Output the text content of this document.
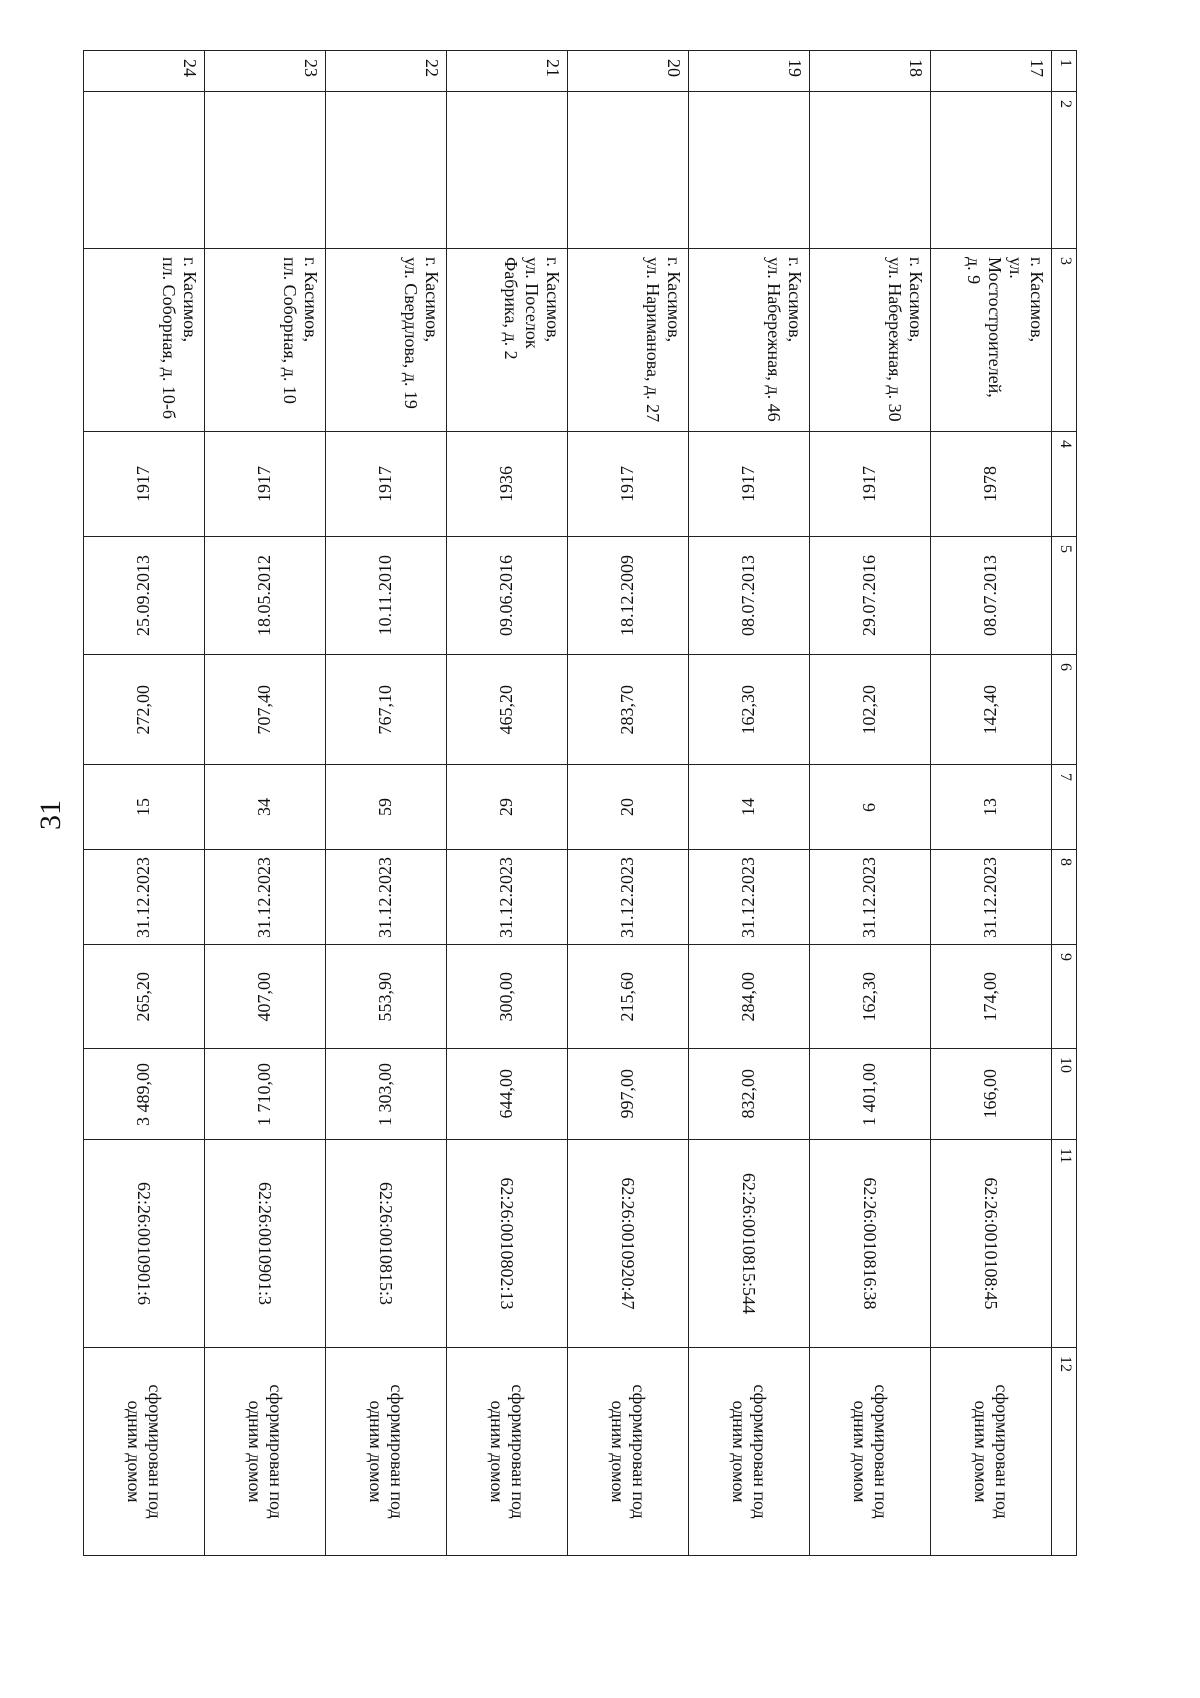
31
1	2	3	4	5	6	7	8	9	10	11	12
17		г. Касимов,
ул. Мостостроителей,
д. 9	1978	08.07.2013	142,40	13	31.12.2023	174,00	166,00	62:26:0010108:45	сформирован под
одним домом

18		г. Касимов,
ул. Набережная, д. 30	1917	29.07.2016	102,20	6	31.12.2023	162,30	1 401,00	62:26:0010816:38	сформирован под
одним домом

19		г. Касимов,
ул. Набережная, д. 46	1917	08.07.2013	162,30	14	31.12.2023	284,00	832,00	62:26:0010815:544	сформирован под
одним домом

20		г. Касимов,
ул. Нариманова, д. 27	1917	18.12.2009	283,70	20	31.12.2023	215,60	997,00	62:26:0010920:47	сформирован под
одним домом

21		г. Касимов,
ул. Поселок
Фабрика, д. 2	1936	09.06.2016	465,20	29	31.12.2023	300,00	644,00	62:26:0010802:13	сформирован под
одним домом

22		г. Касимов,
ул. Свердлова, д. 19	1917	10.11.2010	767,10	59	31.12.2023	553,90	1 303,00	62:26:0010815:3	сформирован под
одним домом

23		г. Касимов,
пл. Соборная, д. 10	1917	18.05.2012	707,40	34	31.12.2023	407,00	1 710,00	62:26:0010901:3	сформирован под
одним домом

24		г. Касимов,
пл. Соборная, д. 10-б	1917	25.09.2013	272,00	15	31.12.2023	265,20	3 489,00	62:26:0010901:6	сформирован под
одним домом
